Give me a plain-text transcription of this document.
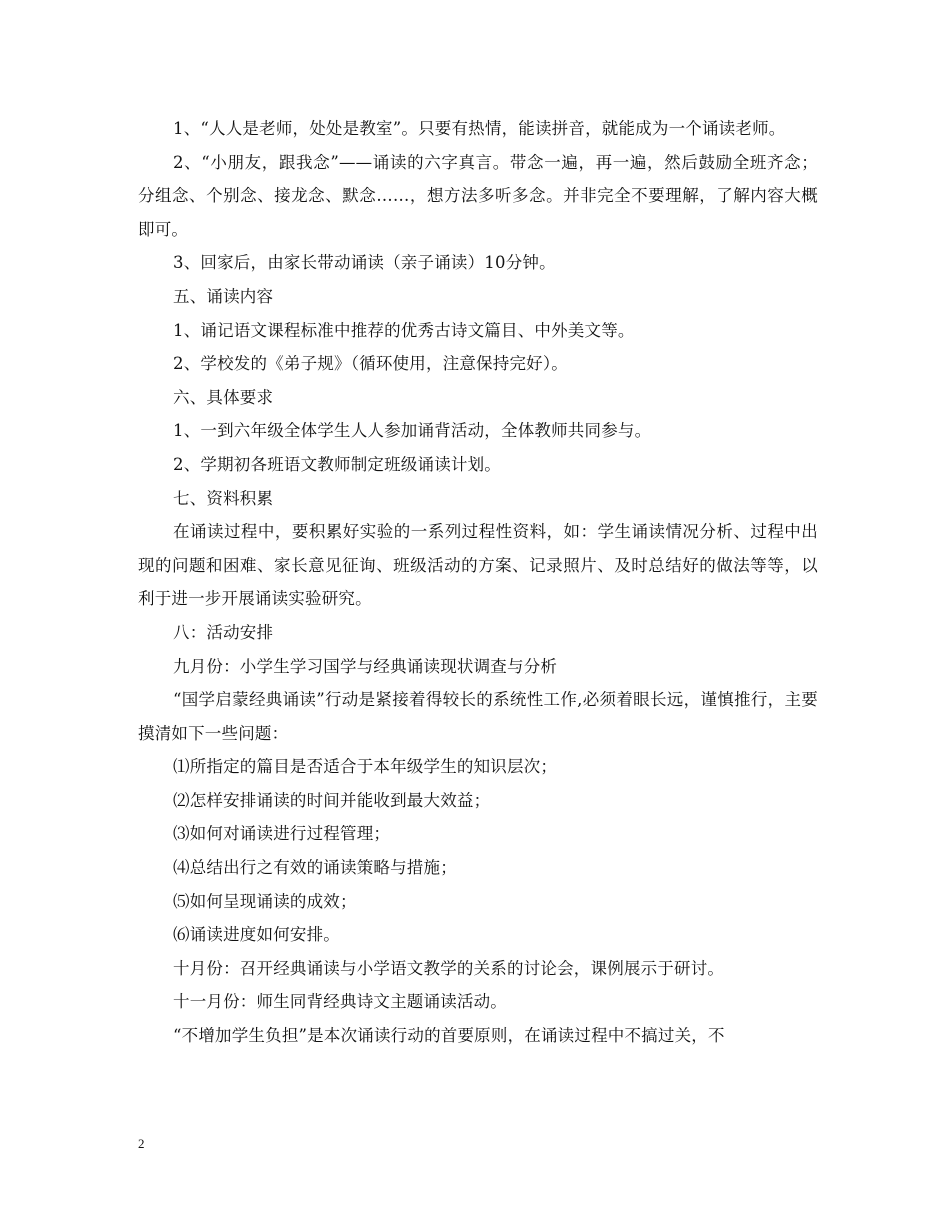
1、“人人是老师，处处是教室”。只要有热情，能读拼音，就能成为一个诵读老师。

2、“小朋友，跟我念”——诵读的六字真言。带念一遍，再一遍，然后鼓励全班齐念；分组念、个别念、接龙念、默念……，想方法多听多念。并非完全不要理解，了解内容大概即可。

3、回家后，由家长带动诵读（亲子诵读）10分钟。

五、诵读内容

1、诵记语文课程标准中推荐的优秀古诗文篇目、中外美文等。

2、学校发的《弟子规》（循环使用，注意保持完好）。

六、具体要求

1、一到六年级全体学生人人参加诵背活动，全体教师共同参与。

2、学期初各班语文教师制定班级诵读计划。

七、资料积累

在诵读过程中，要积累好实验的一系列过程性资料，如：学生诵读情况分析、过程中出现的问题和困难、家长意见征询、班级活动的方案、记录照片、及时总结好的做法等等，以利于进一步开展诵读实验研究。

八：活动安排

九月份：小学生学习国学与经典诵读现状调查与分析

“国学启蒙经典诵读”行动是紧接着得较长的系统性工作,必须着眼长远，谨慎推行，主要摸清如下一些问题：

⑴所指定的篇目是否适合于本年级学生的知识层次；

⑵怎样安排诵读的时间并能收到最大效益；

⑶如何对诵读进行过程管理；

⑷总结出行之有效的诵读策略与措施；

⑸如何呈现诵读的成效；

⑹诵读进度如何安排。

十月份：召开经典诵读与小学语文教学的关系的讨论会，课例展示于研讨。

十一月份：师生同背经典诗文主题诵读活动。

“不增加学生负担”是本次诵读行动的首要原则，在诵读过程中不搞过关，不

2
